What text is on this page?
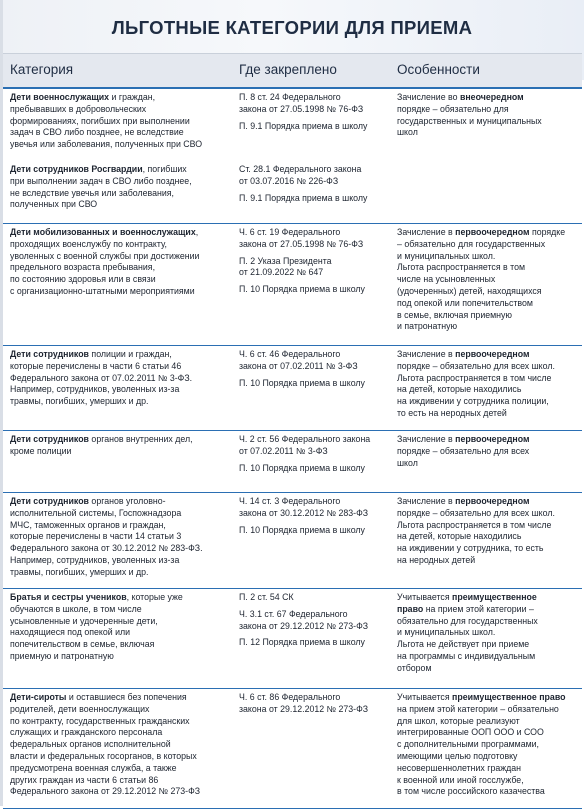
ЛЬГОТНЫЕ КАТЕГОРИИ ДЛЯ ПРИЕМА
Категория	Где закреплено	Особенности
Дети военнослужащих и граждан,
пребывавших в добровольческих
формированиях, погибших при выполнении
задач в СВО либо позднее, не вследствие
увечья или заболевания, полученных при СВО
П. 8 ст. 24 Федерального
закона от 27.05.1998 № 76-ФЗ
П. 9.1 Порядка приема в школу
Зачисление во внеочередном
порядке – обязательно для
государственных и муниципальных
школ
Дети сотрудников Росгвардии, погибших
при выполнении задач в СВО либо позднее,
не вследствие увечья или заболевания,
полученных при СВО
Ст. 28.1 Федерального закона
от 03.07.2016 № 226-ФЗ
П. 9.1 Порядка приема в школу
Дети мобилизованных и военнослужащих,
проходящих военслужбу по контракту,
уволенных с военной службы при достижении
предельного возраста пребывания,
по состоянию здоровья или в связи
с организационно-штатными мероприятиями
Ч. 6 ст. 19 Федерального
закона от 27.05.1998 № 76-ФЗ
П. 2 Указа Президента
от 21.09.2022 № 647
П. 10 Порядка приема в школу
Зачисление в первоочередном порядке
– обязательно для государственных
и муниципальных школ.
Льгота распространяется в том
числе на усыновленных
(удочеренных) детей, находящихся
под опекой или попечительством
в семье, включая приемную
и патронатную
Дети сотрудников полиции и граждан,
которые перечислены в части 6 статьи 46
Федерального закона от 07.02.2011 № 3-ФЗ.
Например, сотрудников, уволенных из-за
травмы, погибших, умерших и др.
Ч. 6 ст. 46 Федерального
закона от 07.02.2011 № 3-ФЗ
П. 10 Порядка приема в школу
Зачисление в первоочередном
порядке – обязательно для всех школ.
Льгота распространяется в том числе
на детей, которые находились
на иждивении у сотрудника полиции,
то есть на неродных детей
Дети сотрудников органов внутренних дел,
кроме полиции
Ч. 2 ст. 56 Федерального закона
от 07.02.2011 № 3-ФЗ
П. 10 Порядка приема в школу
Зачисление в первоочередном
порядке – обязательно для всех
школ
Дети сотрудников органов уголовно-
исполнительной системы, Госпожнадзора
МЧС, таможенных органов и граждан,
которые перечислены в части 14 статьи 3
Федерального закона от 30.12.2012 № 283-ФЗ.
Например, сотрудников, уволенных из-за
травмы, погибших, умерших и др.
Ч. 14 ст. 3 Федерального
закона от 30.12.2012 № 283-ФЗ
П. 10 Порядка приема в школу
Зачисление в первоочередном
порядке – обязательно для всех школ.
Льгота распространяется в том числе
на детей, которые находились
на иждивении у сотрудника, то есть
на неродных детей
Братья и сестры учеников, которые уже
обучаются в школе, в том числе
усыновленные и удочеренные дети,
находящиеся под опекой или
попечительством в семье, включая
приемную и патронатную
П. 2 ст. 54 СК
Ч. 3.1 ст. 67 Федерального
закона от 29.12.2012 № 273-ФЗ
П. 12 Порядка приема в школу
Учитывается преимущественное
право на прием этой категории –
обязательно для государственных
и муниципальных школ.
Льгота не действует при приеме
на программы с индивидуальным
отбором
Дети-сироты и оставшиеся без попечения
родителей, дети военнослужащих
по контракту, государственных гражданских
служащих и гражданского персонала
федеральных органов исполнительной
власти и федеральных госорганов, в которых
предусмотрена военная служба, а также
других граждан из части 6 статьи 86
Федерального закона от 29.12.2012 № 273-ФЗ
Ч. 6 ст. 86 Федерального
закона от 29.12.2012 № 273-ФЗ
Учитывается преимущественное право
на прием этой категории – обязательно
для школ, которые реализуют
интегрированные ООП ООО и СОО
с дополнительными программами,
имеющими целью подготовку
несовершеннолетних граждан
к военной или иной госслужбе,
в том числе российского казачества
